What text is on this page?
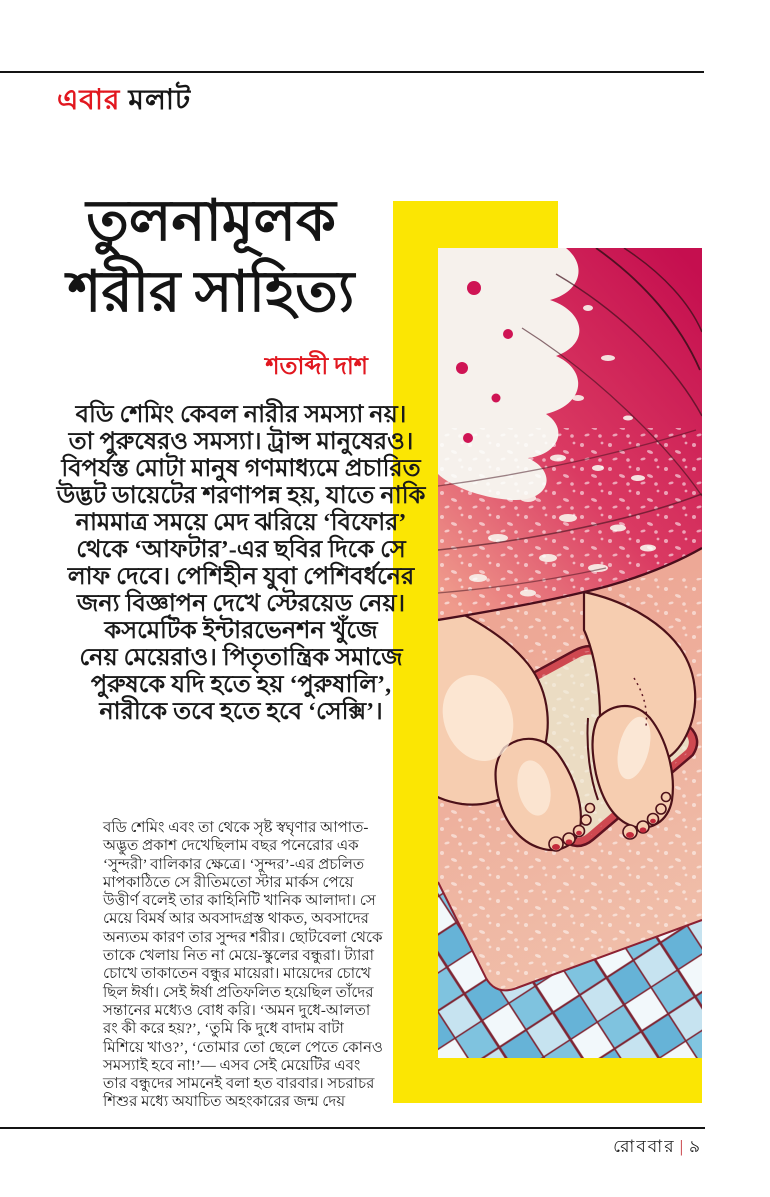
এবার মলাট
তুলনামূলক
শরীর সাহিত্য
শতাব্দী দাশ
বডি শেমিং কেবল নারীর সমস্যা নয়।
তা পুরুষেরও সমস্যা। ট্রান্স মানুষেরও।
বিপর্যস্ত মোটা মানুষ গণমাধ্যমে প্রচারিত
উদ্ভট ডায়েটের শরণাপন্ন হয়, যাতে নাকি
নামমাত্র সময়ে মেদ ঝরিয়ে ‘বিফোর’
থেকে ‘আফটার’-এর ছবির দিকে সে
লাফ দেবে। পেশিহীন যুবা পেশিবর্ধনের
জন্য বিজ্ঞাপন দেখে স্টেরয়েড নেয়।
কসমেটিক ইন্টারভেনশন খুঁজে
নেয় মেয়েরাও। পিতৃতান্ত্রিক সমাজে
পুরুষকে যদি হতে হয় ‘পুরুষালি’,
নারীকে তবে হতে হবে ‘সেক্সি’।
বডি শেমিং এবং তা থেকে সৃষ্ট স্বঘৃণার আপাত-
অদ্ভুত প্রকাশ দেখেছিলাম বছর পনেরোর এক
‘সুন্দরী’ বালিকার ক্ষেত্রে। ‘সুন্দর’-এর প্রচলিত
মাপকাঠিতে সে রীতিমতো স্টার মার্কস পেয়ে
উত্তীর্ণ বলেই তার কাহিনিটি খানিক আলাদা। সে
মেয়ে বিমর্ষ আর অবসাদগ্রস্ত থাকত, অবসাদের
অন্যতম কারণ তার সুন্দর শরীর। ছোটবেলা থেকে
তাকে খেলায় নিত না মেয়ে-স্কুলের বন্ধুরা। ট্যারা
চোখে তাকাতেন বন্ধুর মায়েরা। মায়েদের চোখে
ছিল ঈর্ষা। সেই ঈর্ষা প্রতিফলিত হয়েছিল তাঁদের
সন্তানের মধ্যেও বোধ করি। ‘অমন দুধে-আলতা
রং কী করে হয়?’, ‘তুমি কি দুধে বাদাম বাটা
মিশিয়ে খাও?’, ‘তোমার তো ছেলে পেতে কোনও
সমস্যাই হবে না!’— এসব সেই মেয়েটির এবং
তার বন্ধুদের সামনেই বলা হত বারবার। সচরাচর
শিশুর মধ্যে অযাচিত অহংকারের জন্ম দেয়
রোববার | ৯
